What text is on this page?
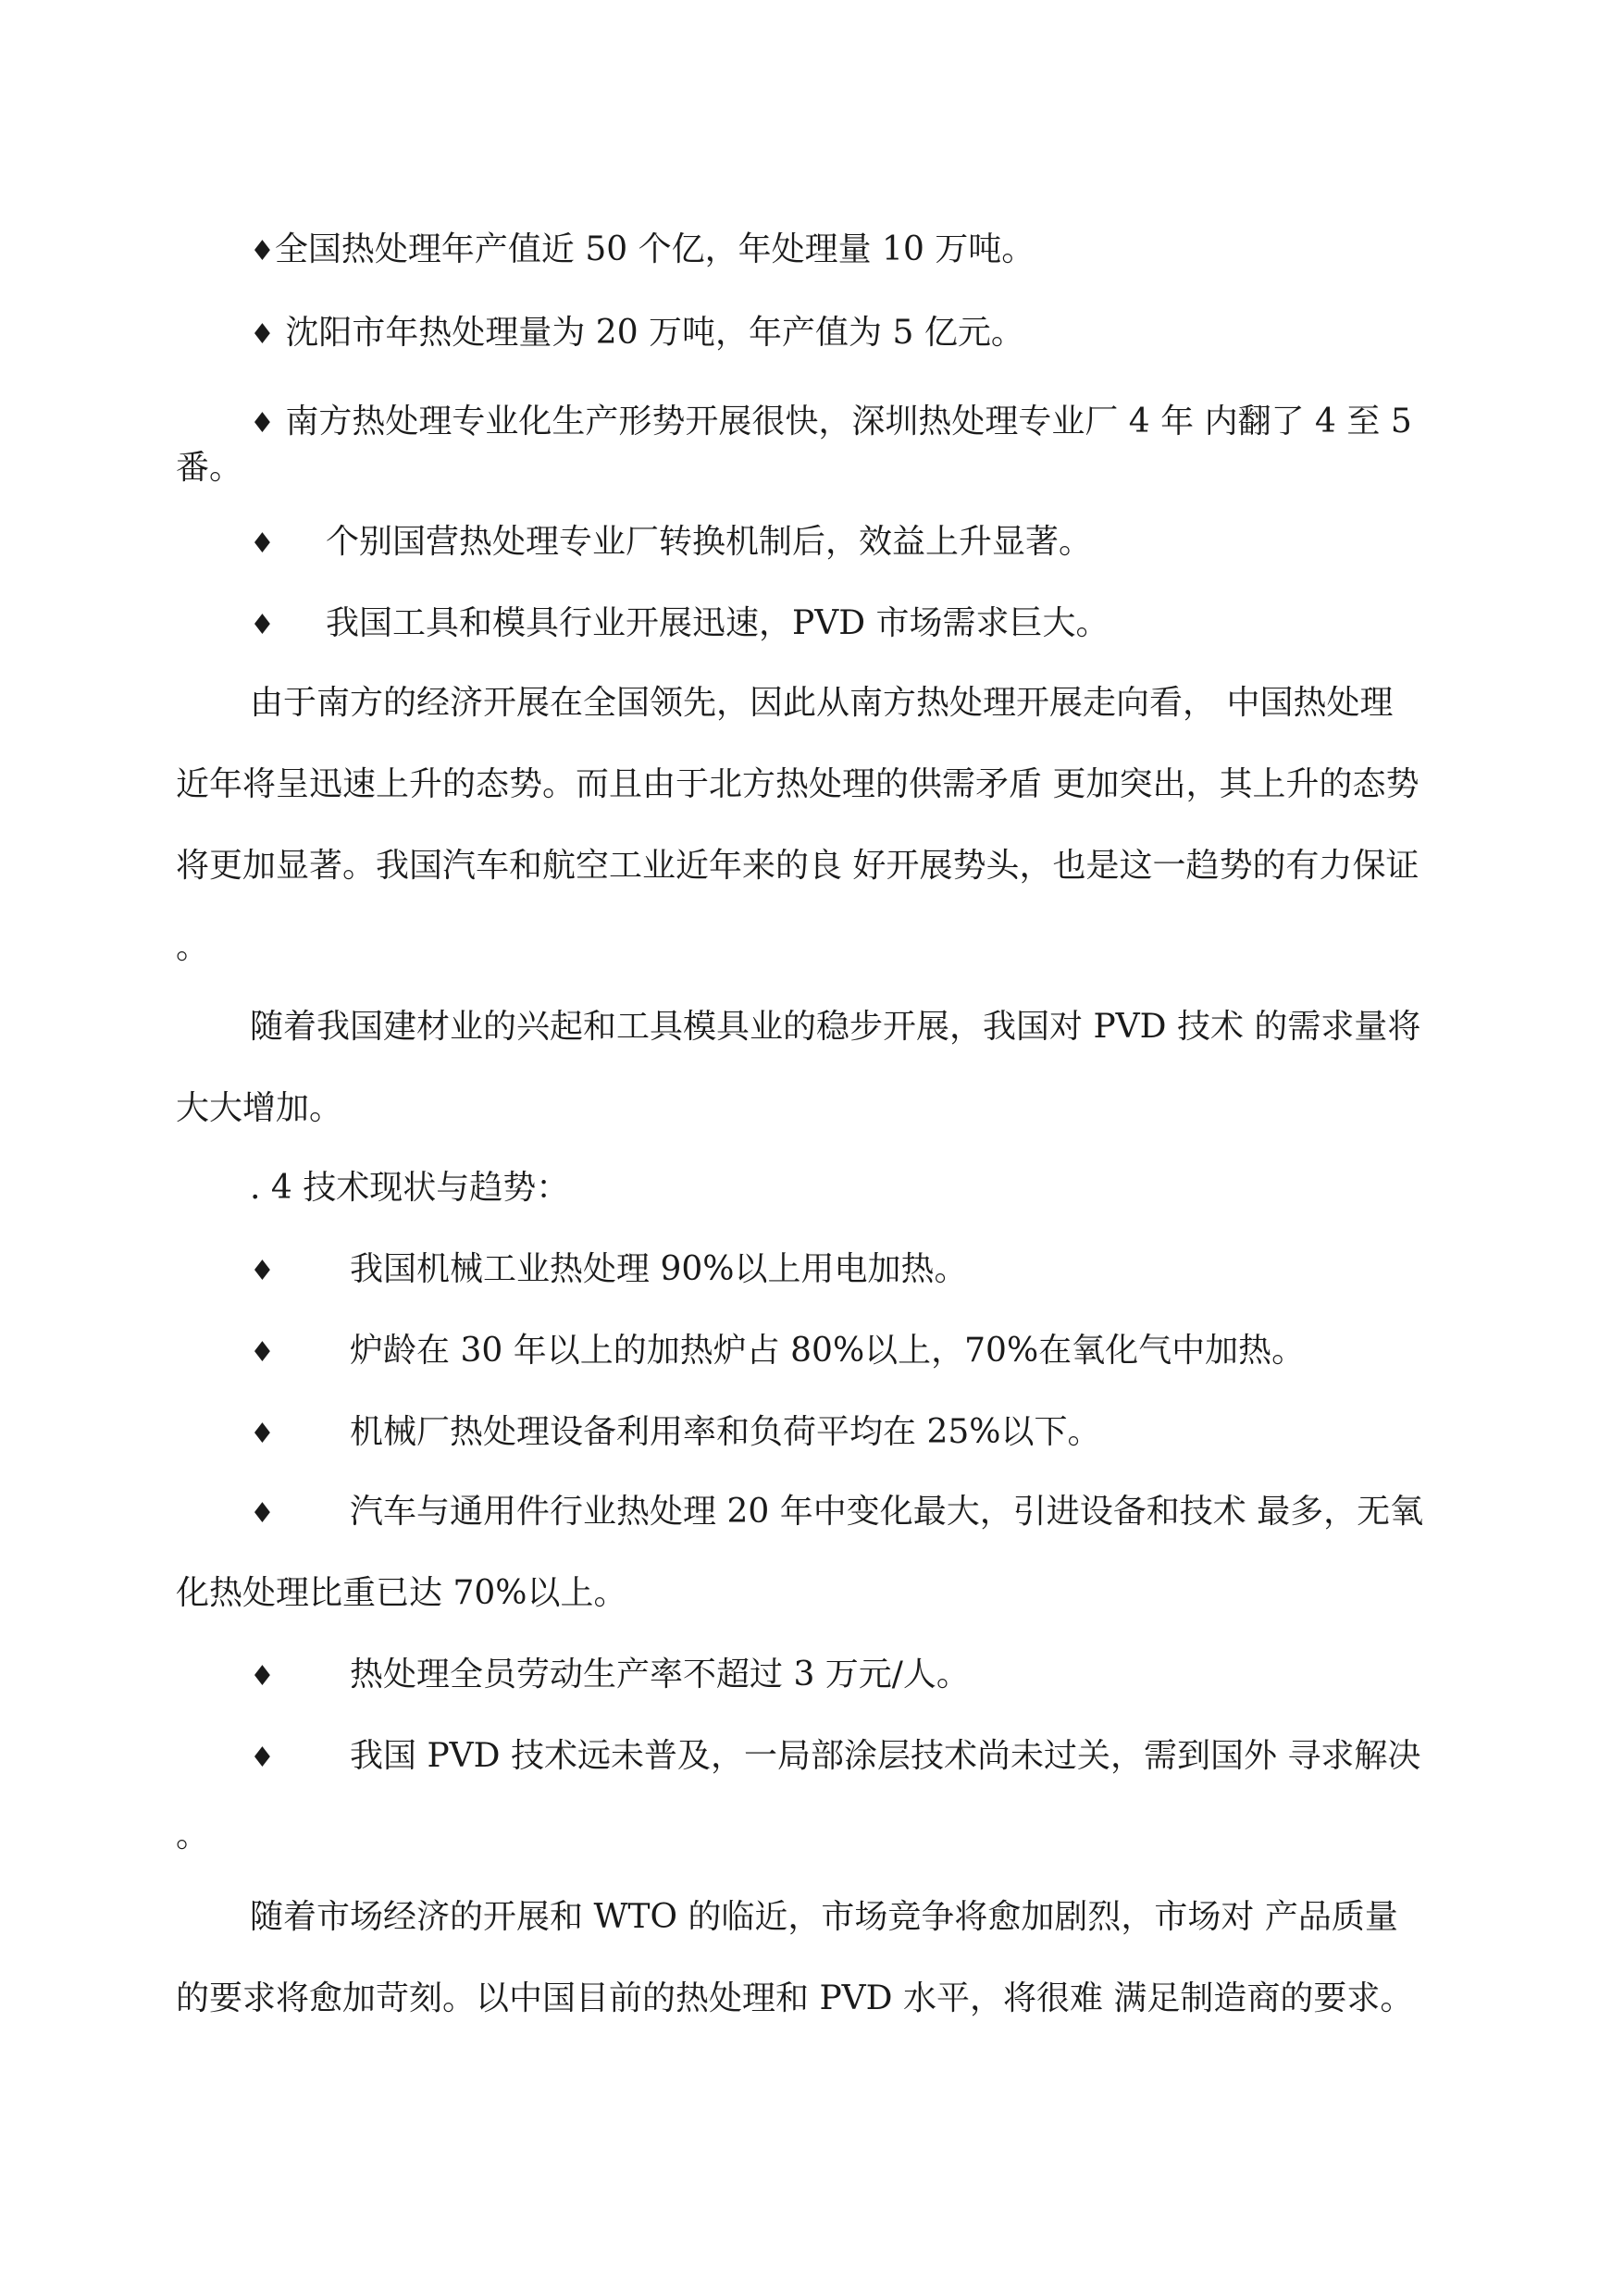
♦全国热处理年产值近 50 个亿，年处理量 10 万吨。

♦ 沈阳市年热处理量为 20 万吨，年产值为 5 亿元。

♦ 南方热处理专业化生产形势开展很快，深圳热处理专业厂 4 年 内翻了 4 至 5

番。

♦ 个别国营热处理专业厂转换机制后，效益上升显著。

♦ 我国工具和模具行业开展迅速，PVD 市场需求巨大。

由于南方的经济开展在全国领先，因此从南方热处理开展走向看， 中国热处理

近年将呈迅速上升的态势。而且由于北方热处理的供需矛盾 更加突出，其上升的态势

将更加显著。我国汽车和航空工业近年来的良 好开展势头，也是这一趋势的有力保证

。

随着我国建材业的兴起和工具模具业的稳步开展，我国对 PVD 技术 的需求量将

大大增加。

. 4 技术现状与趋势：

♦ 我国机械工业热处理 90%以上用电加热。

♦ 炉龄在 30 年以上的加热炉占 80%以上，70%在氧化气中加热。

♦ 机械厂热处理设备利用率和负荷平均在 25%以下。

♦ 汽车与通用件行业热处理 20 年中变化最大，引进设备和技术 最多，无氧

化热处理比重已达 70%以上。

♦ 热处理全员劳动生产率不超过 3 万元/人。

♦ 我国 PVD 技术远未普及，一局部涂层技术尚未过关，需到国外 寻求解决

。

随着市场经济的开展和 WTO 的临近，市场竞争将愈加剧烈，市场对 产品质量

的要求将愈加苛刻。以中国目前的热处理和 PVD 水平，将很难 满足制造商的要求。
